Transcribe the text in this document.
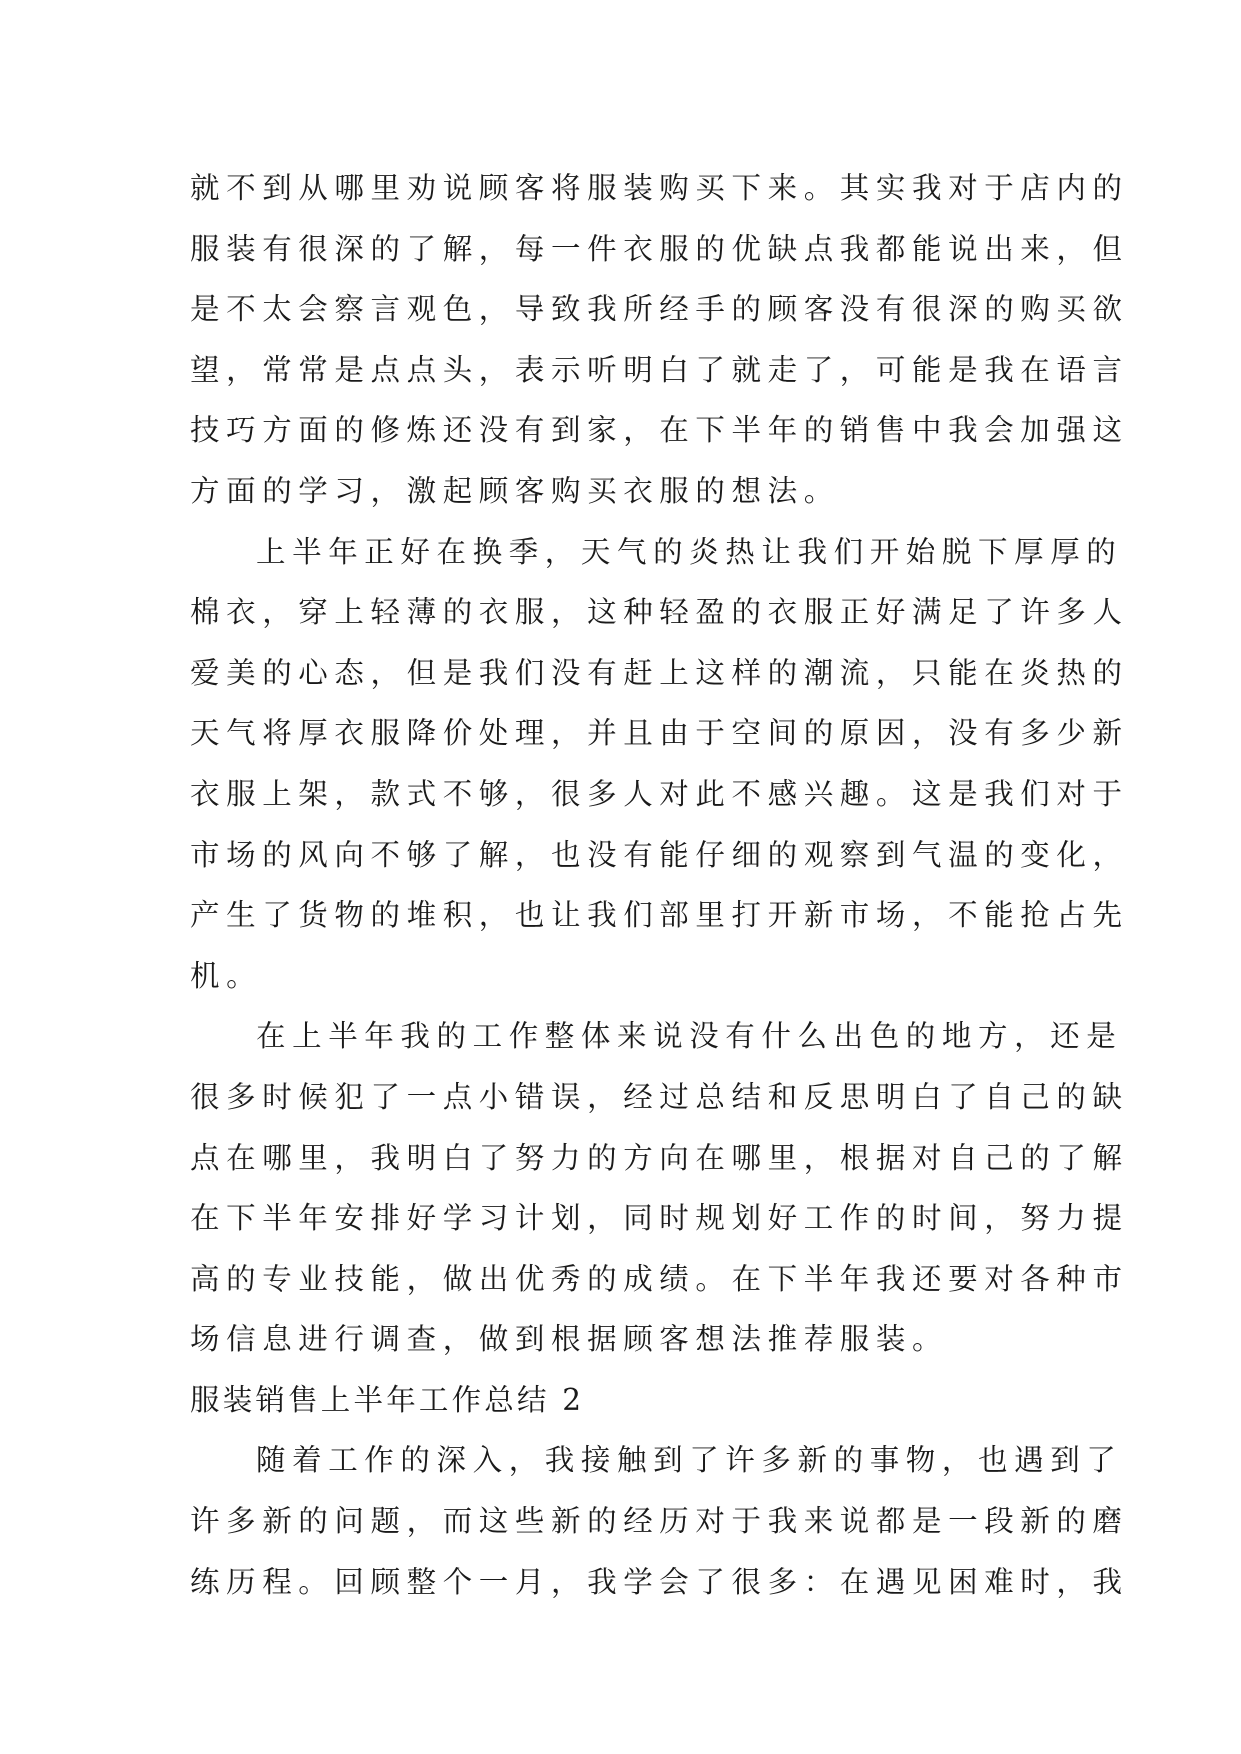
就不到从哪里劝说顾客将服装购买下来。其实我对于店内的
服装有很深的了解，每一件衣服的优缺点我都能说出来，但
是不太会察言观色，导致我所经手的顾客没有很深的购买欲
望，常常是点点头，表示听明白了就走了，可能是我在语言
技巧方面的修炼还没有到家，在下半年的销售中我会加强这
方面的学习，激起顾客购买衣服的想法。
上半年正好在换季，天气的炎热让我们开始脱下厚厚的
棉衣，穿上轻薄的衣服，这种轻盈的衣服正好满足了许多人
爱美的心态，但是我们没有赶上这样的潮流，只能在炎热的
天气将厚衣服降价处理，并且由于空间的原因，没有多少新
衣服上架，款式不够，很多人对此不感兴趣。这是我们对于
市场的风向不够了解，也没有能仔细的观察到气温的变化，
产生了货物的堆积，也让我们部里打开新市场，不能抢占先
机。
在上半年我的工作整体来说没有什么出色的地方，还是
很多时候犯了一点小错误，经过总结和反思明白了自己的缺
点在哪里，我明白了努力的方向在哪里，根据对自己的了解
在下半年安排好学习计划，同时规划好工作的时间，努力提
高的专业技能，做出优秀的成绩。在下半年我还要对各种市
场信息进行调查，做到根据顾客想法推荐服装。
服装销售上半年工作总结 2
随着工作的深入，我接触到了许多新的事物，也遇到了
许多新的问题，而这些新的经历对于我来说都是一段新的磨
练历程。回顾整个一月，我学会了很多：在遇见困难时，我
